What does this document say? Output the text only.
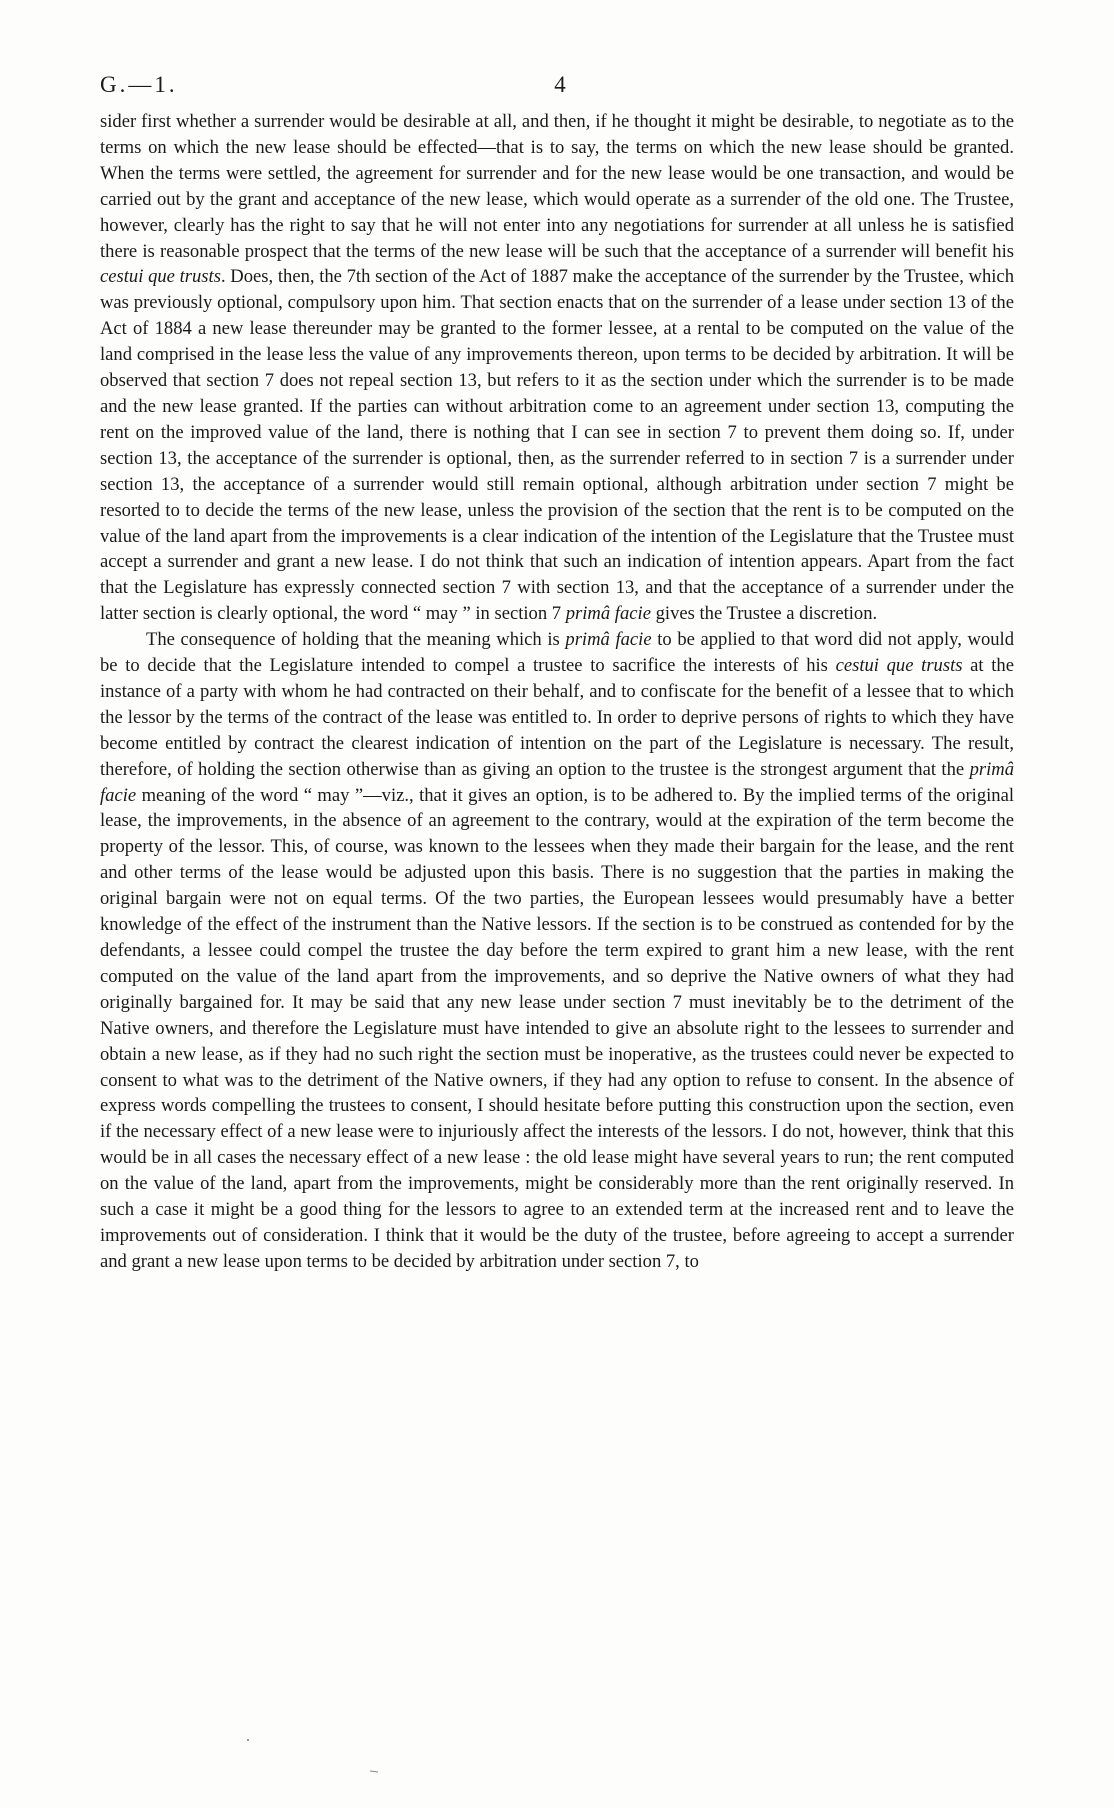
G.—1.	4

sider first whether a surrender would be desirable at all, and then, if he thought it might be desirable, to negotiate as to the terms on which the new lease should be effected—that is to say, the terms on which the new lease should be granted. When the terms were settled, the agreement for surrender and for the new lease would be one transaction, and would be carried out by the grant and acceptance of the new lease, which would operate as a surrender of the old one. The Trustee, however, clearly has the right to say that he will not enter into any negotiations for surrender at all unless he is satisfied there is reasonable prospect that the terms of the new lease will be such that the acceptance of a surrender will benefit his cestui que trusts. Does, then, the 7th section of the Act of 1887 make the acceptance of the surrender by the Trustee, which was previously optional, compulsory upon him. That section enacts that on the surrender of a lease under section 13 of the Act of 1884 a new lease thereunder may be granted to the former lessee, at a rental to be computed on the value of the land comprised in the lease less the value of any improvements thereon, upon terms to be decided by arbitration. It will be observed that section 7 does not repeal section 13, but refers to it as the section under which the surrender is to be made and the new lease granted. If the parties can without arbitration come to an agreement under section 13, computing the rent on the improved value of the land, there is nothing that I can see in section 7 to prevent them doing so. If, under section 13, the acceptance of the surrender is optional, then, as the surrender referred to in section 7 is a surrender under section 13, the acceptance of a surrender would still remain optional, although arbitration under section 7 might be resorted to to decide the terms of the new lease, unless the provision of the section that the rent is to be computed on the value of the land apart from the improvements is a clear indication of the intention of the Legislature that the Trustee must accept a surrender and grant a new lease. I do not think that such an indication of intention appears. Apart from the fact that the Legislature has expressly connected section 7 with section 13, and that the acceptance of a surrender under the latter section is clearly optional, the word “ may ” in section 7 primâ facie gives the Trustee a discretion.

The consequence of holding that the meaning which is primâ facie to be applied to that word did not apply, would be to decide that the Legislature intended to compel a trustee to sacrifice the interests of his cestui que trusts at the instance of a party with whom he had contracted on their behalf, and to confiscate for the benefit of a lessee that to which the lessor by the terms of the contract of the lease was entitled to. In order to deprive persons of rights to which they have become entitled by contract the clearest indication of intention on the part of the Legislature is necessary. The result, therefore, of holding the section otherwise than as giving an option to the trustee is the strongest argument that the primâ facie meaning of the word “ may ”—viz., that it gives an option, is to be adhered to. By the implied terms of the original lease, the improvements, in the absence of an agreement to the contrary, would at the expiration of the term become the property of the lessor. This, of course, was known to the lessees when they made their bargain for the lease, and the rent and other terms of the lease would be adjusted upon this basis. There is no suggestion that the parties in making the original bargain were not on equal terms. Of the two parties, the European lessees would presumably have a better knowledge of the effect of the instrument than the Native lessors. If the section is to be construed as contended for by the defendants, a lessee could compel the trustee the day before the term expired to grant him a new lease, with the rent computed on the value of the land apart from the improvements, and so deprive the Native owners of what they had originally bargained for. It may be said that any new lease under section 7 must inevitably be to the detriment of the Native owners, and therefore the Legislature must have intended to give an absolute right to the lessees to surrender and obtain a new lease, as if they had no such right the section must be inoperative, as the trustees could never be expected to consent to what was to the detriment of the Native owners, if they had any option to refuse to consent. In the absence of express words compelling the trustees to consent, I should hesitate before putting this construction upon the section, even if the necessary effect of a new lease were to injuriously affect the interests of the lessors. I do not, however, think that this would be in all cases the necessary effect of a new lease : the old lease might have several years to run; the rent computed on the value of the land, apart from the improvements, might be considerably more than the rent originally reserved. In such a case it might be a good thing for the lessors to agree to an extended term at the increased rent and to leave the improvements out of consideration. I think that it would be the duty of the trustee, before agreeing to accept a surrender and grant a new lease upon terms to be decided by arbitration under section 7, to
